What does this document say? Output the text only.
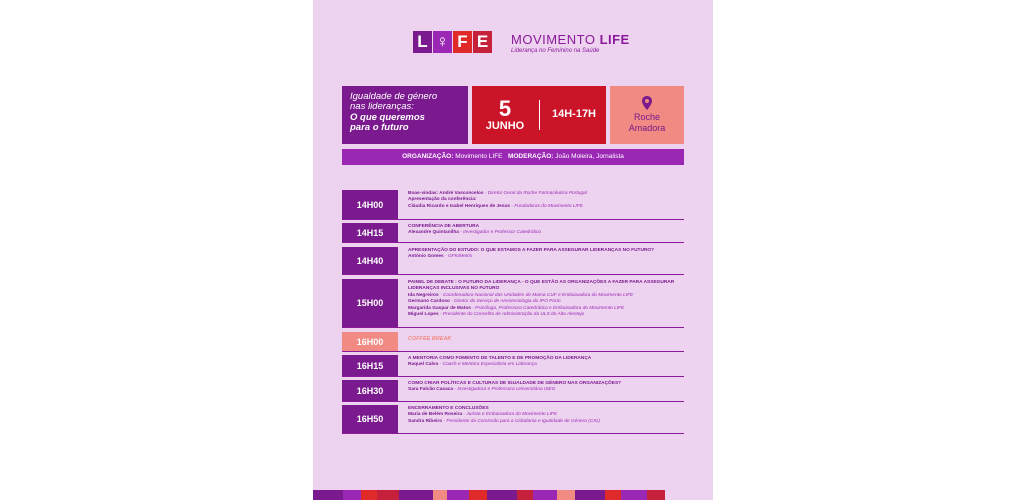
L ♀ F E MOVIMENTO LIFE
Liderança no Feminino na Saúde
Igualdade de género
nas lideranças:
O que queremos
para o futuro
5
JUNHO
14H-17H	Roche
Amadora
ORGANIZAÇÃO: Movimento LIFE MODERAÇÃO: João Moleira, Jornalista
14H00
Boas-vindas: André Vasconcelos - Diretor Geral da Roche Farmacêutica Portugal
Apresentação da conferência:
Cláudia Ricardo e Isabel Henriques de Jesus - Fundadoras do Movimento LIFE
14H15
CONFERÊNCIA DE ABERTURA
Alexandre Quintanilha - Investigador e Professor Catedrático
14H40
APRESENTAÇÃO DO ESTUDO: O QUE ESTAMOS A FAZER PARA ASSEGURAR LIDERANÇAS NO FUTURO?
António Gomes - GFK/Metris
15H00
PAINEL DE DEBATE : O FUTURO DA LIDERANÇA - O QUE ESTÃO AS ORGANIZAÇÕES A FAZER PARA ASSEGURAR LIDERANÇAS INCLUSIVAS NO FUTURO
Ida Negreiros - Coordenadora Nacional das Unidades de Mama CUF e Embaixadora do Movimento LIFE
Germano Cardoso - Diretor do Serviço de Anestesiologia do IPO Porto
Margarida Gaspar de Matos - Psicóloga, Professora Catedrática e Embaixadora do Movimento LIFE
Miguel Lopes - Presidente do Conselho de Administração da ULS do Alto Alentejo
16H00	COFFEE BREAK
16H15
A MENTORIA COMO FOMENTO DE TALENTO E DE PROMOÇÃO DA LIDERANÇA
Raquel Calvo - Coach e Mentora Especialista em Liderança
16H30
COMO CRIAR POLÍTICAS E CULTURAS DE IGUALDADE DE GÉNERO NAS ORGANIZAÇÕES?
Sara Falcão Casaca - Investigadora e Professora Universitária ISEG
16H50
ENCERRAMENTO E CONCLUSÕES
Maria de Belém Roseira - Jurista e Embaixadora do Movimento LIFE
Sandra Ribeiro - Presidente da Comissão para a Cidadania e Igualdade de Género (CIG)
